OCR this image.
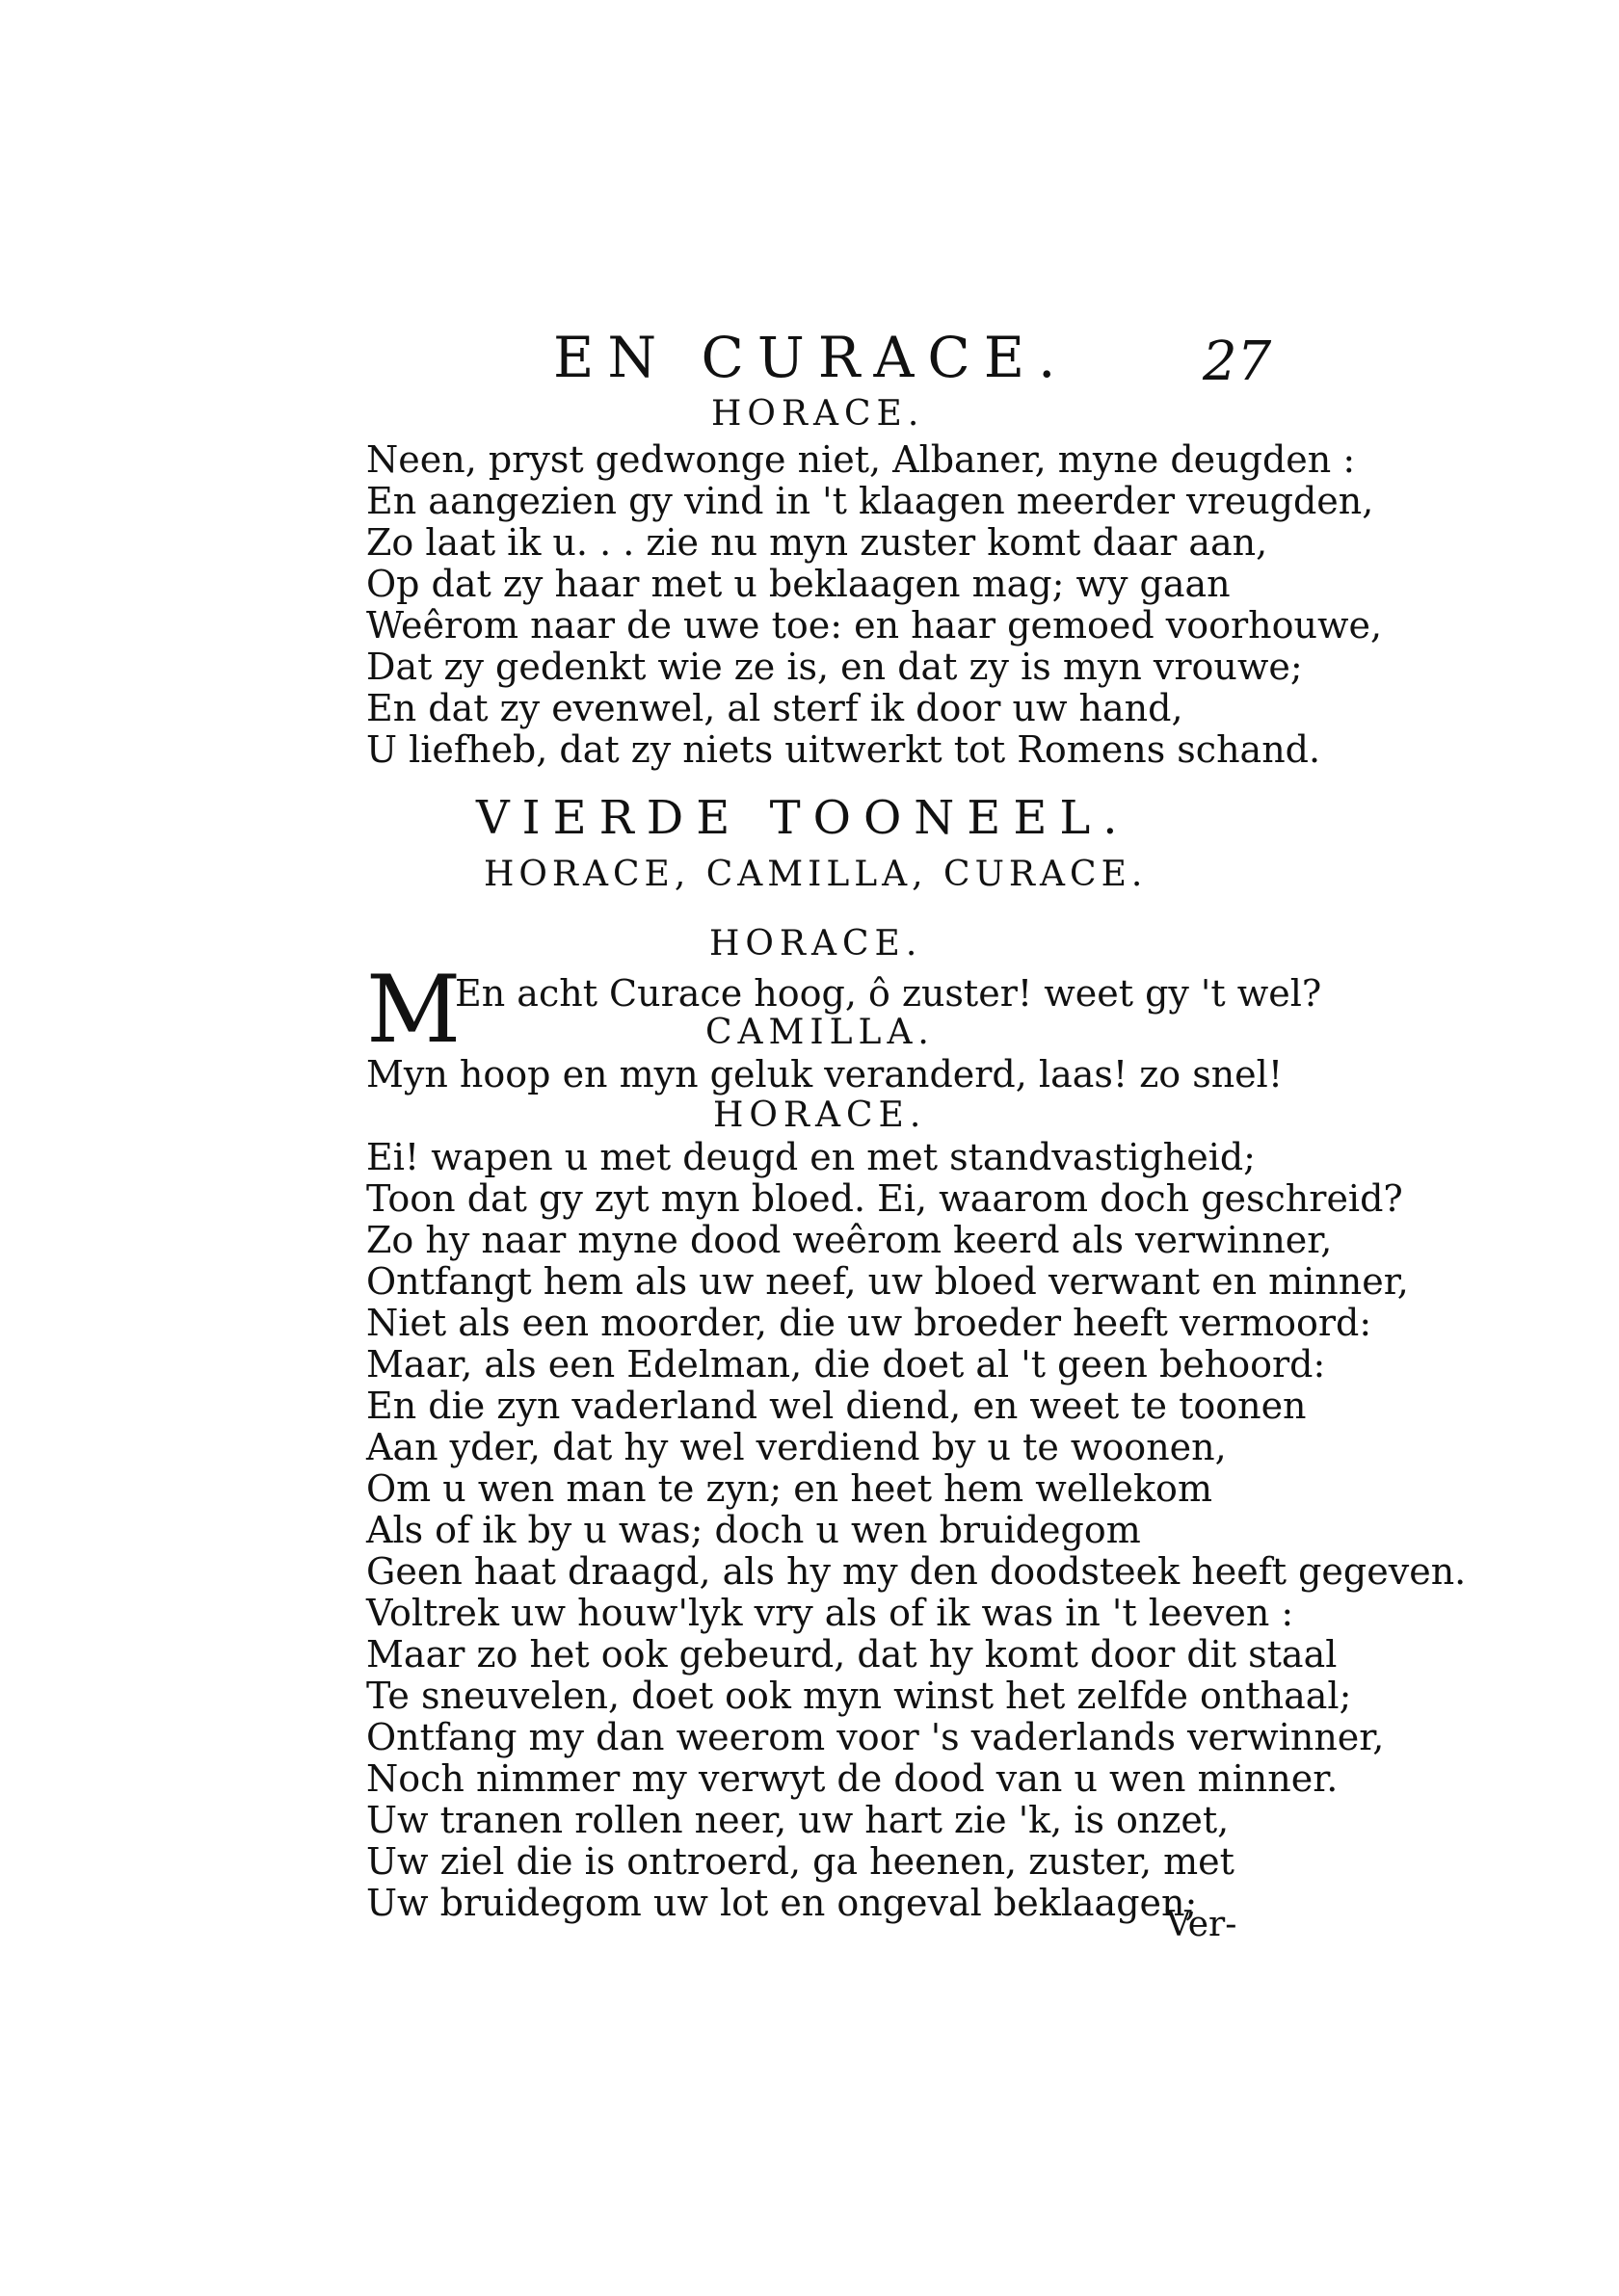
EN CURACE. 27
HORACE.
Neen, pryst gedwonge niet, Albaner, myne deugden :
En aangezien gy vind in 't klaagen meerder vreugden,
Zo laat ik u. . . zie nu myn zuster komt daar aan,
Op dat zy haar met u beklaagen mag; wy gaan
Weêrom naar de uwe toe: en haar gemoed voorhouwe,
Dat zy gedenkt wie ze is, en dat zy is myn vrouwe;
En dat zy evenwel, al sterf ik door uw hand,
U liefheb, dat zy niets uitwerkt tot Romens schand.
VIERDE TOONEEL.
HORACE, CAMILLA, CURACE.
HORACE.
M
En acht Curace hoog, ô zuster! weet gy 't wel?
CAMILLA.
Myn hoop en myn geluk veranderd, laas! zo snel!
HORACE.
Ei! wapen u met deugd en met standvastigheid;
Toon dat gy zyt myn bloed. Ei, waarom doch geschreid?
Zo hy naar myne dood weêrom keerd als verwinner,
Ontfangt hem als uw neef, uw bloed verwant en minner,
Niet als een moorder, die uw broeder heeft vermoord:
Maar, als een Edelman, die doet al 't geen behoord:
En die zyn vaderland wel diend, en weet te toonen
Aan yder, dat hy wel verdiend by u te woonen,
Om u wen man te zyn; en heet hem wellekom
Als of ik by u was; doch u wen bruidegom
Geen haat draagd, als hy my den doodsteek heeft gegeven.
Voltrek uw houw'lyk vry als of ik was in 't leeven :
Maar zo het ook gebeurd, dat hy komt door dit staal
Te sneuvelen, doet ook myn winst het zelfde onthaal;
Ontfang my dan weerom voor 's vaderlands verwinner,
Noch nimmer my verwyt de dood van u wen minner.
Uw tranen rollen neer, uw hart zie 'k, is onzet,
Uw ziel die is ontroerd, ga heenen, zuster, met
Uw bruidegom uw lot en ongeval beklaagen;
Ver-
